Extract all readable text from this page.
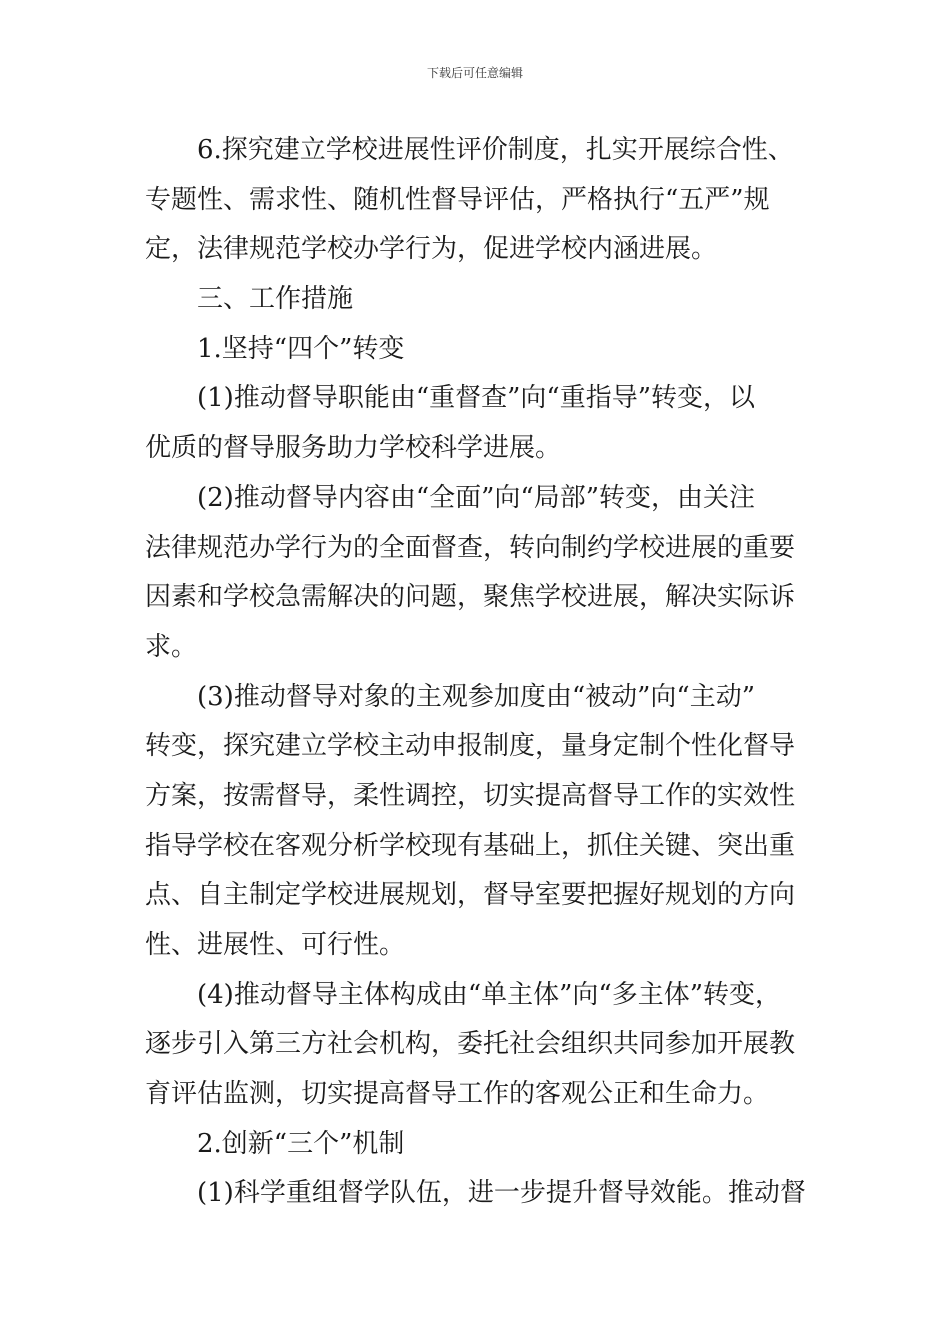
下载后可任意编辑
6.探究建立学校进展性评价制度，扎实开展综合性、
专题性、需求性、随机性督导评估，严格执行“五严”规
定，法律规范学校办学行为，促进学校内涵进展。
三、工作措施
1.坚持“四个”转变
(1)推动督导职能由“重督查”向“重指导”转变，以
优质的督导服务助力学校科学进展。
(2)推动督导内容由“全面”向“局部”转变，由关注
法律规范办学行为的全面督查，转向制约学校进展的重要
因素和学校急需解决的问题，聚焦学校进展，解决实际诉
求。
(3)推动督导对象的主观参加度由“被动”向“主动”
转变，探究建立学校主动申报制度，量身定制个性化督导
方案，按需督导，柔性调控，切实提高督导工作的实效性
指导学校在客观分析学校现有基础上，抓住关键、突出重
点、自主制定学校进展规划，督导室要把握好规划的方向
性、进展性、可行性。
(4)推动督导主体构成由“单主体”向“多主体”转变，
逐步引入第三方社会机构，委托社会组织共同参加开展教
育评估监测，切实提高督导工作的客观公正和生命力。
2.创新“三个”机制
(1)科学重组督学队伍，进一步提升督导效能。推动督
